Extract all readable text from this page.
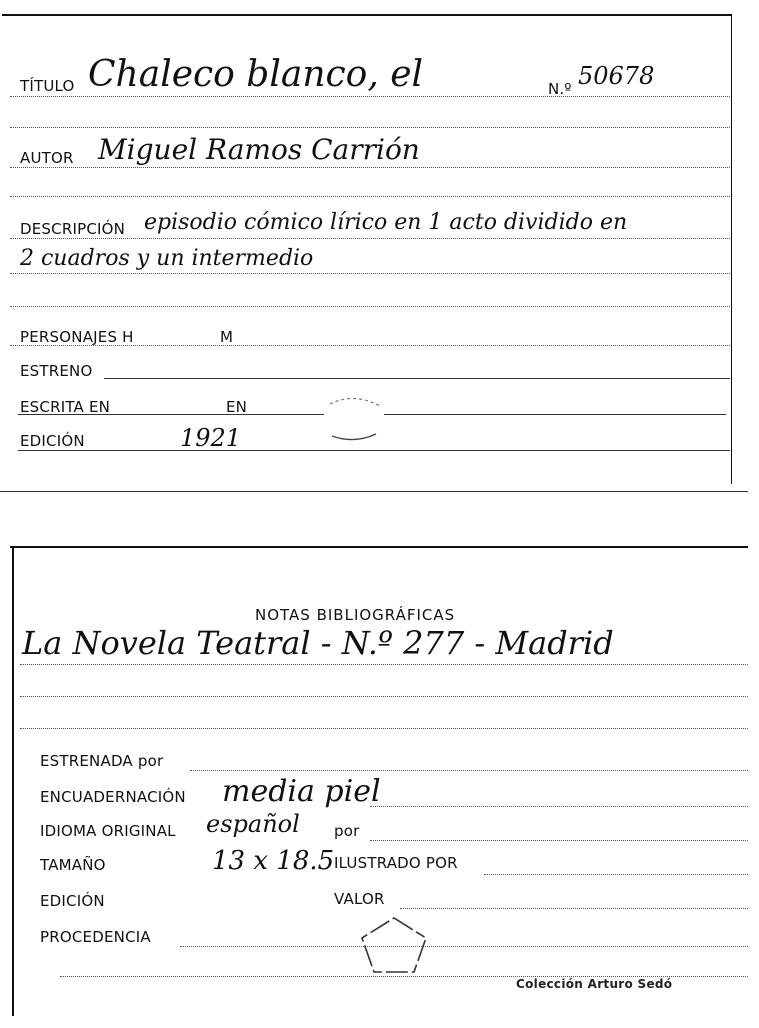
TÍTULO Chaleco blanco, el	N.º 50678
AUTOR Miguel Ramos Carrión
DESCRIPCIÓN episodio cómico lírico en 1 acto dividido en
2 cuadros y un intermedio
PERSONAJES H	M
ESTRENO
ESCRITA EN	EN
EDICIÓN	1921
NOTAS BIBLIOGRÁFICAS
La Novela Teatral - N.º 277 - Madrid
ESTRENADA por
ENCUADERNACIÓN media piel
IDIOMA ORIGINAL español por
TAMAÑO	13 x 18.5 ILUSTRADO POR
EDICIÓN	VALOR
PROCEDENCIA
Colección Arturo Sedó
